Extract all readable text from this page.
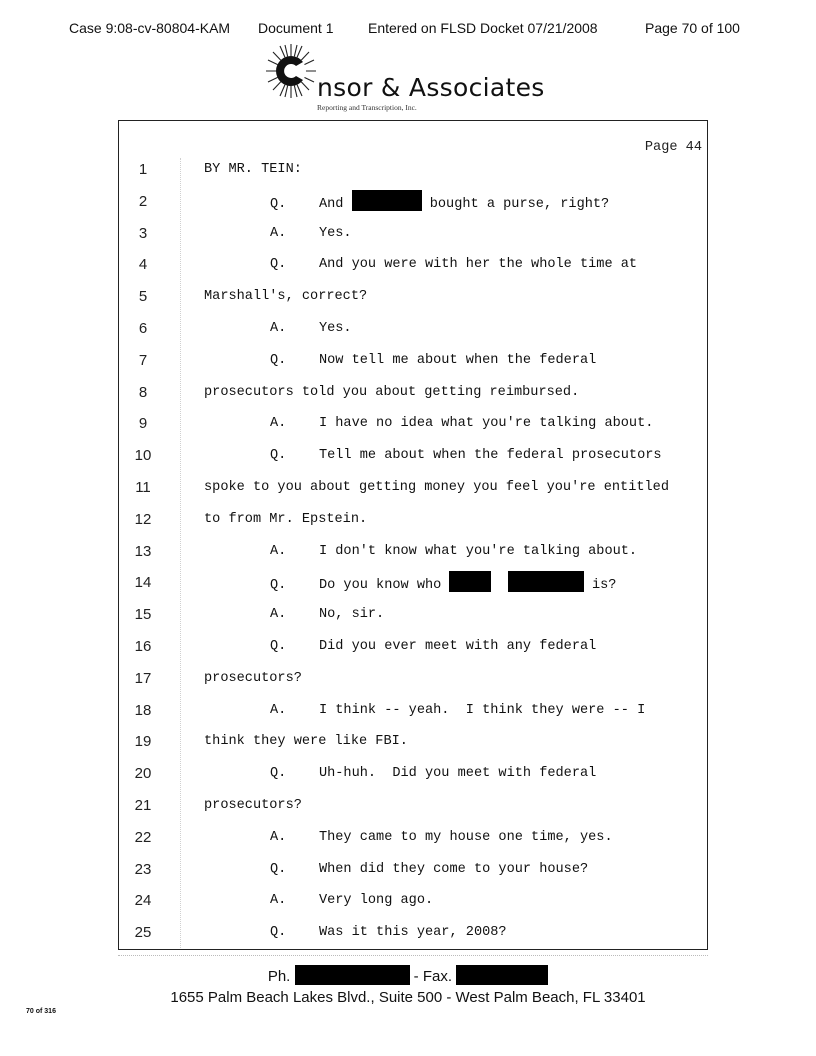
Case 9:08-cv-80804-KAM Document 1 Entered on FLSD Docket 07/21/2008	Page 70 of 100
nsor & Associates
Reporting and Transcription, Inc.
Page 44
1	BY MR. TEIN:
2	Q.    And	bought a purse, right?
3	A.    Yes.
4	Q.    And you were with her the whole time at
5	Marshall's, correct?
6	A.    Yes.
7	Q.    Now tell me about when the federal
8	prosecutors told you about getting reimbursed.
9	A.    I have no idea what you're talking about.
10	Q.    Tell me about when the federal prosecutors
11	spoke to you about getting money you feel you're entitled
12	to from Mr. Epstein.
13	A.    I don't know what you're talking about.
14	Q.    Do you know who	is?
15	A.    No, sir.
16	Q.    Did you ever meet with any federal
17	prosecutors?
18	A.    I think -- yeah.  I think they were -- I
19	think they were like FBI.
20	Q.    Uh-huh.  Did you meet with federal
21	prosecutors?
22	A.    They came to my house one time, yes.
23	Q.    When did they come to your house?
24	A.    Very long ago.
25	Q.    Was it this year, 2008?
Ph.	- Fax.
1655 Palm Beach Lakes Blvd., Suite 500 - West Palm Beach, FL 33401
70 of 316
